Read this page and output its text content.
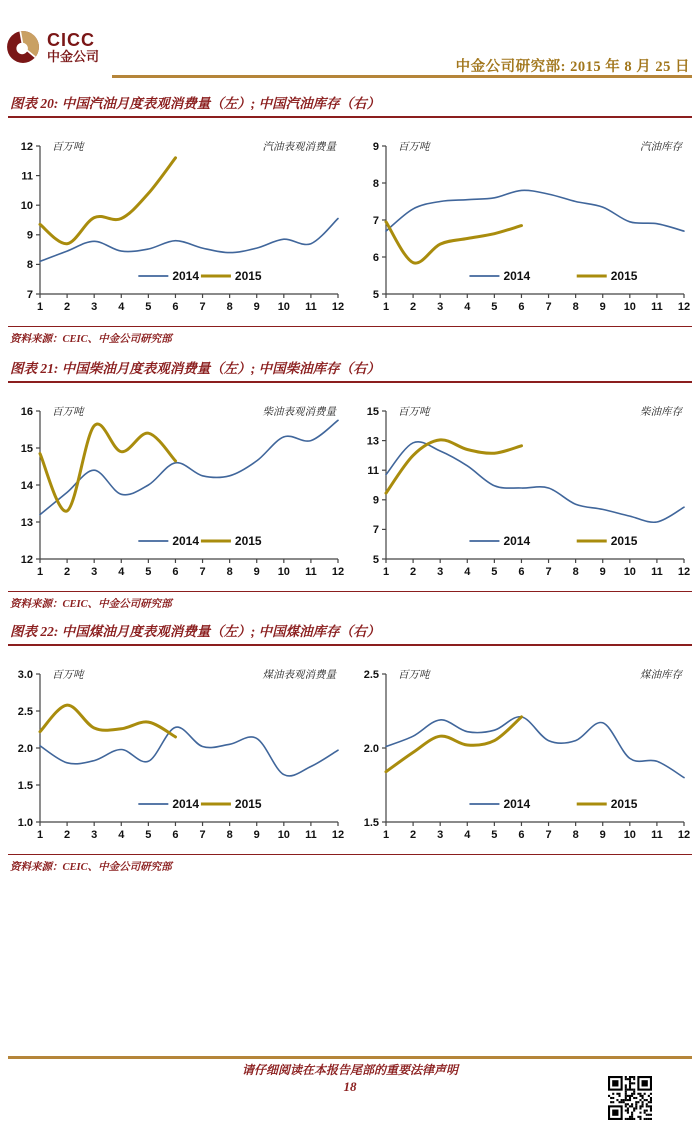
CICC
中金公司
中金公司研究部: 2015 年 8 月 25 日
图表 20: 中国汽油月度表观消费量（左）; 中国汽油库存（右）
7
8
9
10
11
12
1 2 3 4 5 6 7 8 9 10 11 12
百万吨	汽油表观消费量
2014	2015
5
6
7
8
9
1 2 3 4 5 6 7 8 9 10 11 12
百万吨	汽油库存
2014	2015
资料来源：CEIC、中金公司研究部
图表 21: 中国柴油月度表观消费量（左）; 中国柴油库存（右）
12
13
14
15
16
1 2 3 4 5 6 7 8 9 10 11 12
百万吨	柴油表观消费量
2014	2015
5
7
9
11
13
15
1 2 3 4 5 6 7 8 9 10 11 12
百万吨	柴油库存
2014	2015
资料来源：CEIC、中金公司研究部
图表 22: 中国煤油月度表观消费量（左）; 中国煤油库存（右）
1.0
1.5
2.0
2.5
3.0
1 2 3 4 5 6 7 8 9 10 11 12
百万吨	煤油表观消费量
2014	2015
1.5
2.0
2.5
1 2 3 4 5 6 7 8 9 10 11 12
百万吨	煤油库存
2014	2015
资料来源：CEIC、中金公司研究部
请仔细阅读在本报告尾部的重要法律声明
18
